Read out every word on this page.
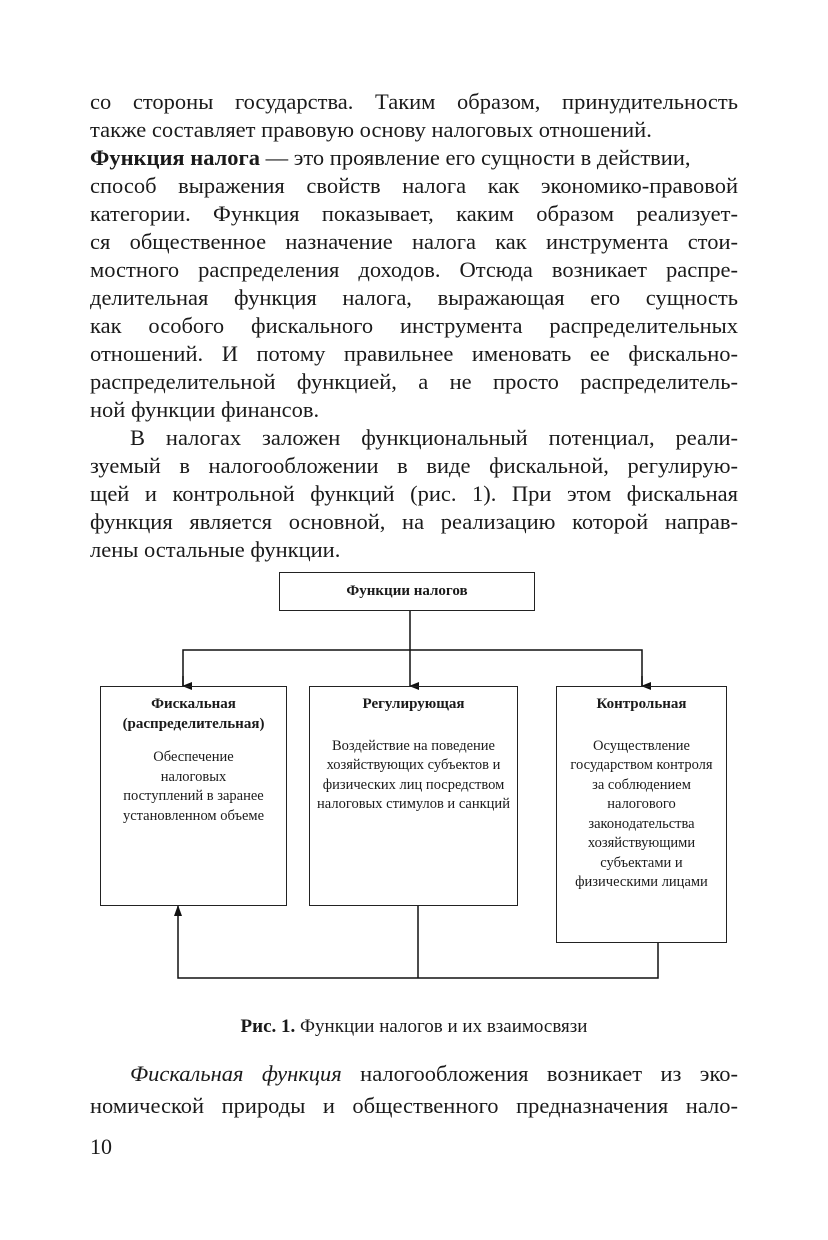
со стороны государства. Таким образом, принудительность
также составляет правовую основу налоговых отношений.
Функция налога — это проявление его сущности в действии,
способ выражения свойств налога как экономико-правовой
категории. Функция показывает, каким образом реализует-
ся общественное назначение налога как инструмента стои-
мостного распределения доходов. Отсюда возникает распре-
делительная функция налога, выражающая его сущность
как особого фискального инструмента распределительных
отношений. И потому правильнее именовать ее фискально-
распределительной функцией, а не просто распределитель-
ной функции финансов.
В налогах заложен функциональный потенциал, реали-
зуемый в налогообложении в виде фискальной, регулирую-
щей и контрольной функций (рис. 1). При этом фискальная
функция является основной, на реализацию которой направ-
лены остальные функции.
Функции налогов
Фискальная (распределительная)
Обеспечение налоговых поступлений в заранее установленном объеме
Регулирующая
Воздействие на поведение хозяйствующих субъектов и физических лиц посредством налоговых стимулов и санкций
Контрольная
Осуществление государством контроля за соблюдением налогового законодательства хозяйствующими субъектами и физическими лицами
Рис. 1. Функции налогов и их взаимосвязи
Фискальная функция налогообложения возникает из эко-
номической природы и общественного предназначения нало-
10
